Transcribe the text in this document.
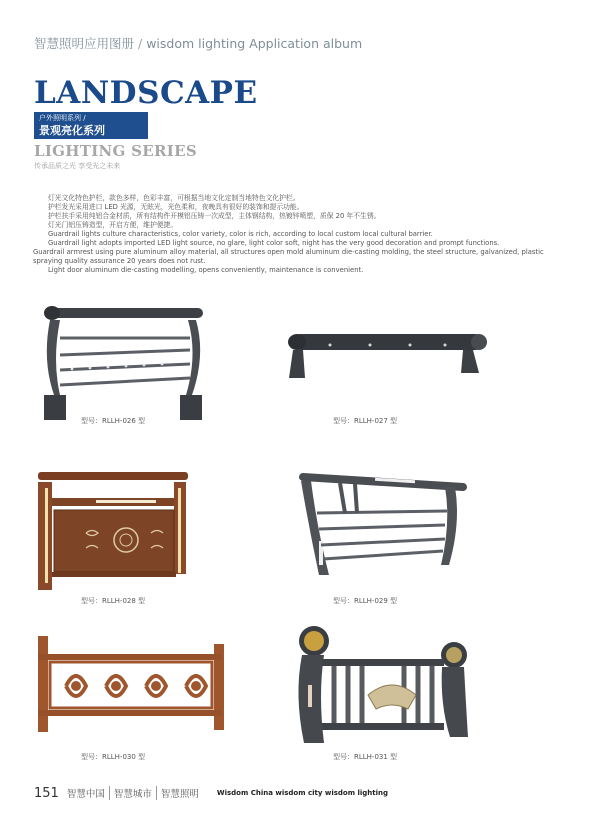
智慧照明应用图册 / wisdom lighting Application album
LANDSCAPE
户外照明系列 /
景观亮化系列
LIGHTING SERIES
传承品质之光 享受光之未来

灯光文化特色护栏，款色多样，色彩丰富，可根据当地文化定制当地特色文化护栏。

护栏发光采用进口 LED 光源，无眩光，光色柔和，夜晚具有很好的装饰和提示功能。

护栏扶手采用纯铝合金材质，所有结构件开模铝压铸一次成型，主体钢结构，热镀锌喷塑，质保 20 年不生锈。

灯光门铝压铸造型，开启方便，维护便捷。

Guardrail lights culture characteristics, color variety, color is rich, according to local custom local cultural barrier.

Guardrail light adopts imported LED light source, no glare, light color soft, night has the very good decoration and prompt functions.

Guardrail armrest using pure aluminum alloy material, all structures open mold aluminum die-casting molding, the steel structure, galvanized, plastic spraying quality assurance 20 years does not rust.

Light door aluminum die-casting modelling, opens conveniently, maintenance is convenient.

型号：RLLH-026 型	型号：RLLH-027 型
型号：RLLH-028 型	型号：RLLH-029 型
型号：RLLH-030 型	型号：RLLH-031 型
151 智慧中国 智慧城市 智慧照明	Wisdom China wisdom city wisdom lighting
